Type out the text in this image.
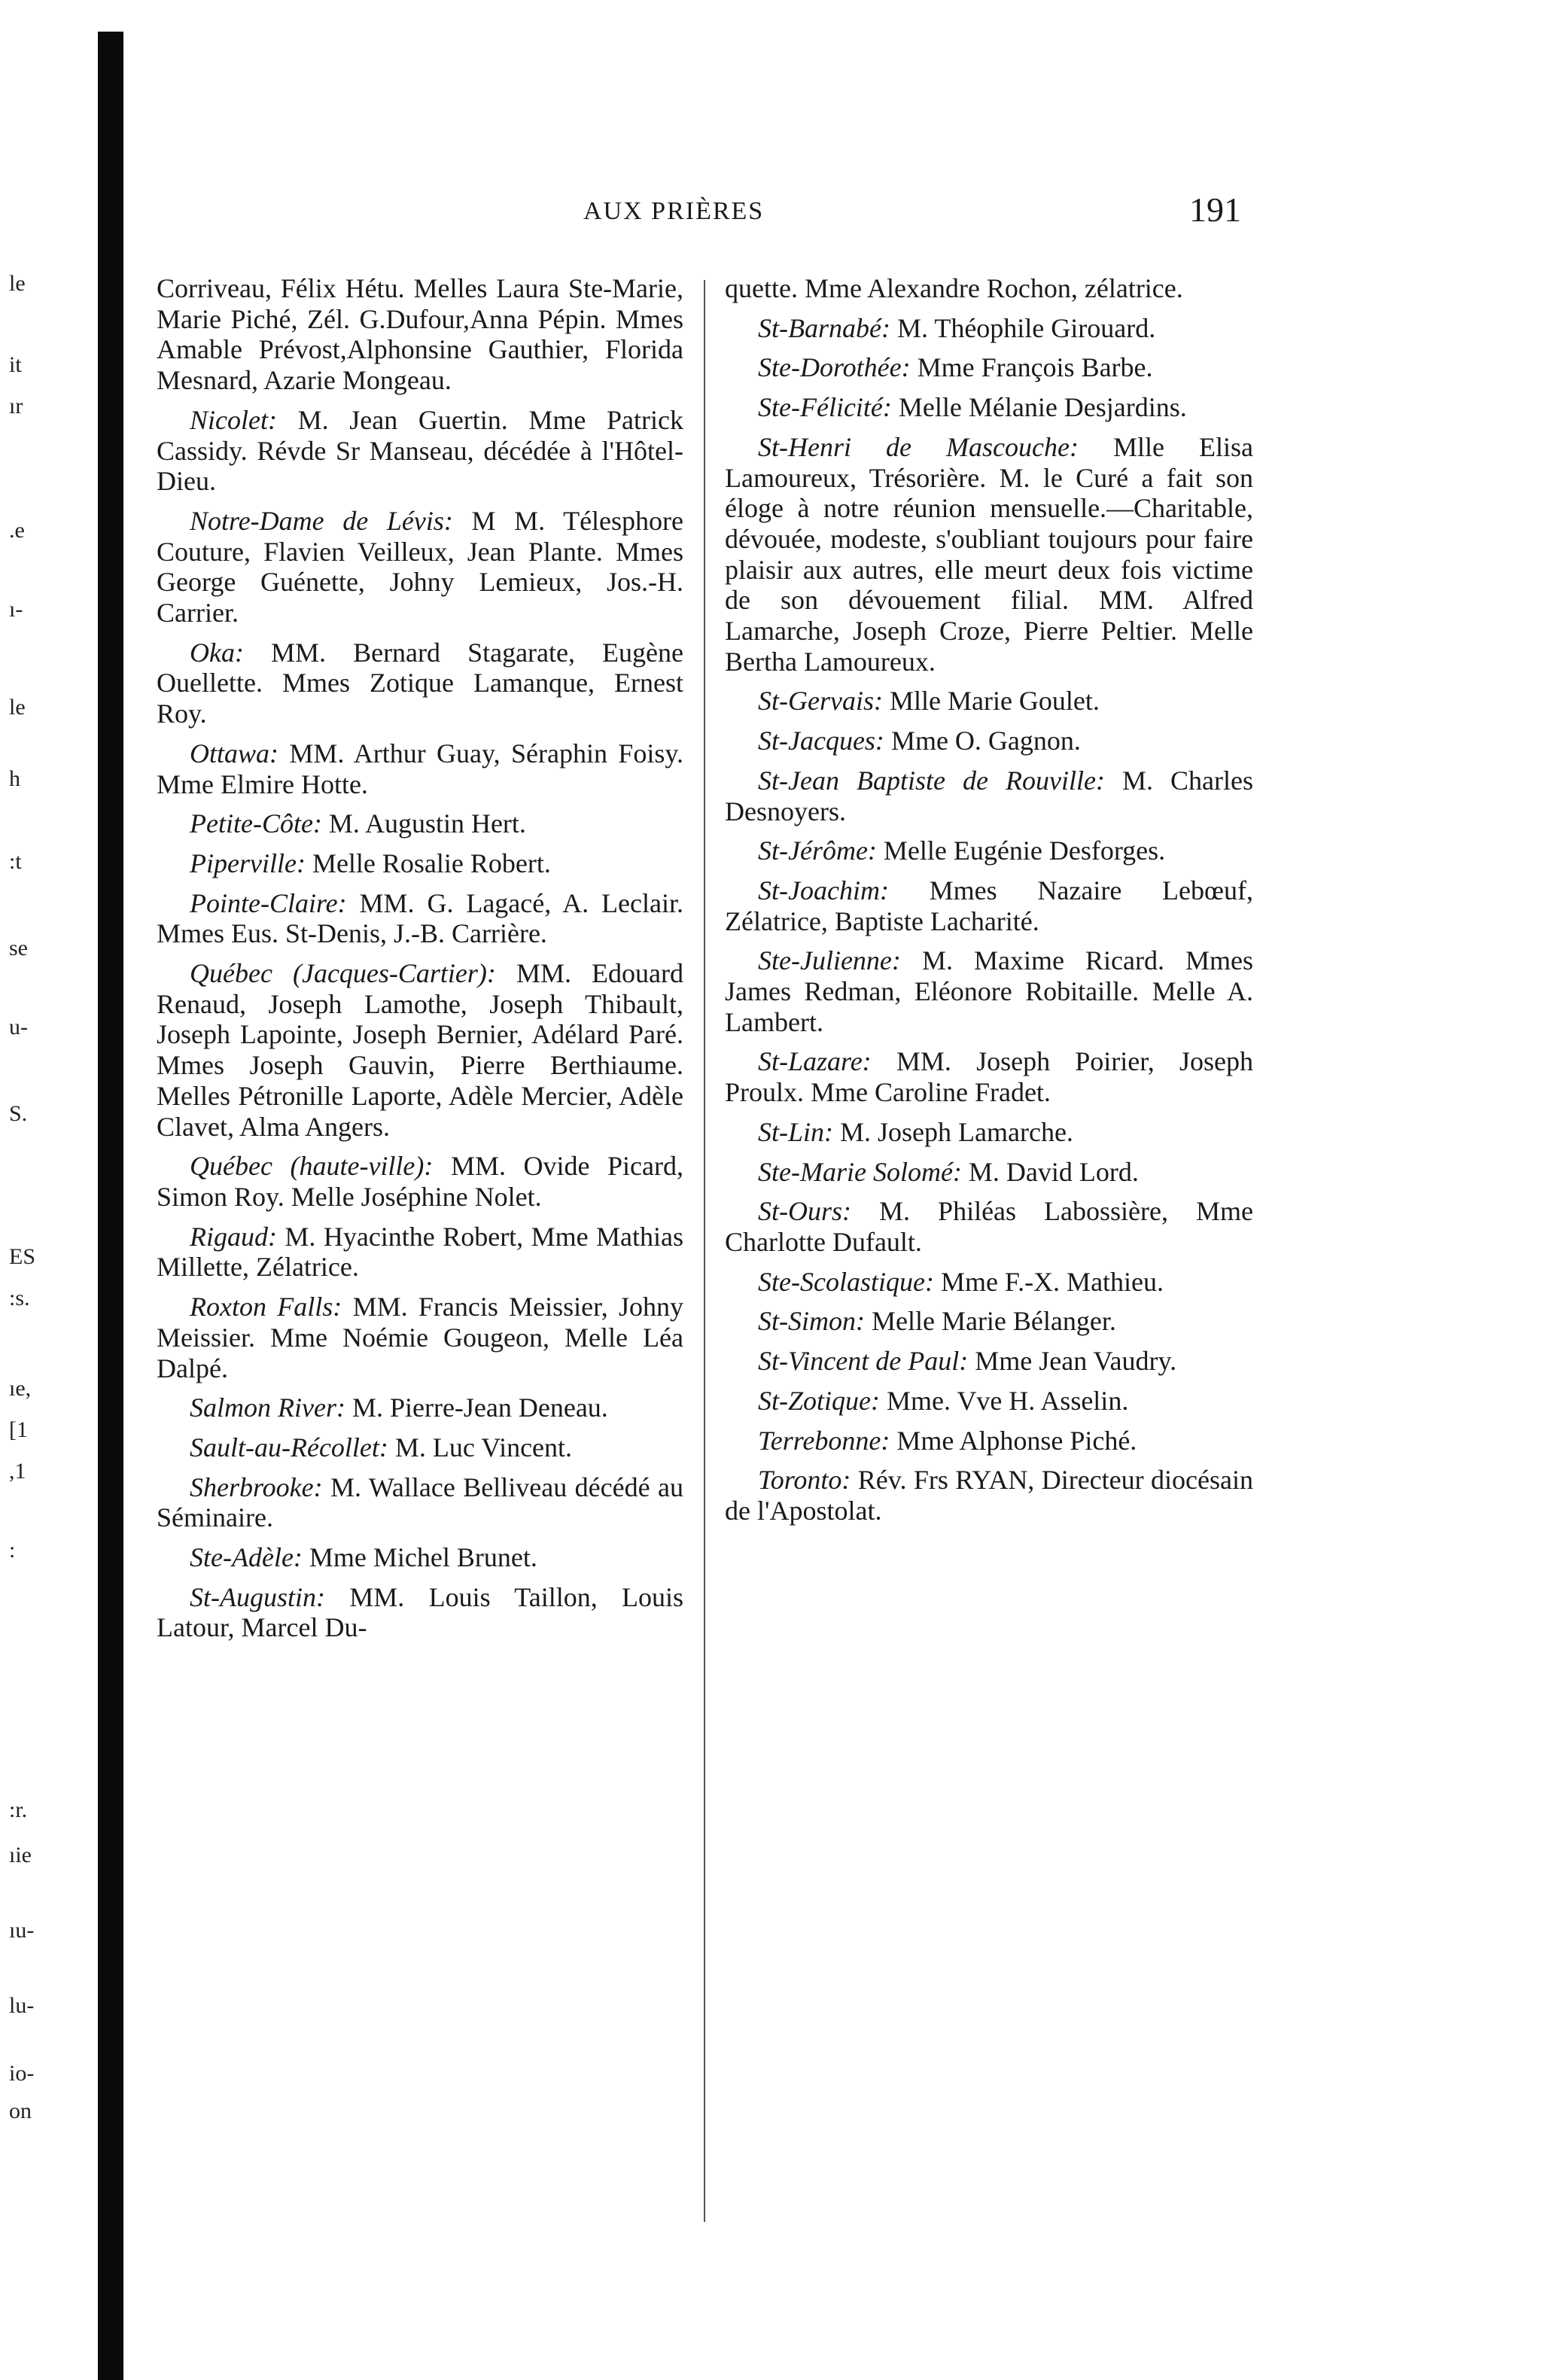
le
it
ır
.e
ı-
le
h
:t
se
u-
S.
ES
:s.
ıe,
[1
,1
:
:r.
ıie
ıu-
lu-
io-
on
AUX PRIÈRES	191

Corriveau, Félix Hétu. Melles Laura Ste-Marie, Marie Piché, Zél. G.Dufour,Anna Pépin. Mmes Amable Prévost,Alphonsine Gauthier, Florida Mesnard, Azarie Mongeau.

Nicolet: M. Jean Guertin. Mme Patrick Cassidy. Révde Sr Manseau, décédée à l'Hôtel-Dieu.

Notre-Dame de Lévis: M M. Télesphore Couture, Flavien Veilleux, Jean Plante. Mmes George Guénette, Johny Lemieux, Jos.-H. Carrier.

Oka: MM. Bernard Stagarate, Eugène Ouellette. Mmes Zotique Lamanque, Ernest Roy.

Ottawa: MM. Arthur Guay, Séraphin Foisy. Mme Elmire Hotte.

Petite-Côte: M. Augustin Hert.

Piperville: Melle Rosalie Robert.

Pointe-Claire: MM. G. Lagacé, A. Leclair. Mmes Eus. St-Denis, J.-B. Carrière.

Québec (Jacques-Cartier): MM. Edouard Renaud, Joseph Lamothe, Joseph Thibault, Joseph Lapointe, Joseph Bernier, Adélard Paré. Mmes Joseph Gauvin, Pierre Berthiaume. Melles Pétronille Laporte, Adèle Mercier, Adèle Clavet, Alma Angers.

Québec (haute-ville): MM. Ovide Picard, Simon Roy. Melle Joséphine Nolet.

Rigaud: M. Hyacinthe Robert, Mme Mathias Millette, Zélatrice.

Roxton Falls: MM. Francis Meissier, Johny Meissier. Mme Noémie Gougeon, Melle Léa Dalpé.

Salmon River: M. Pierre-Jean Deneau.

Sault-au-Récollet: M. Luc Vincent.

Sherbrooke: M. Wallace Belliveau décédé au Séminaire.

Ste-Adèle: Mme Michel Brunet.

St-Augustin: MM. Louis Taillon, Louis Latour, Marcel Du-

quette. Mme Alexandre Rochon, zélatrice.

St-Barnabé: M. Théophile Girouard.

Ste-Dorothée: Mme François Barbe.

Ste-Félicité: Melle Mélanie Desjardins.

St-Henri de Mascouche: Mlle Elisa Lamoureux, Trésorière. M. le Curé a fait son éloge à notre réunion mensuelle.—Charitable, dévouée, modeste, s'oubliant toujours pour faire plaisir aux autres, elle meurt deux fois victime de son dévouement filial. MM. Alfred Lamarche, Joseph Croze, Pierre Peltier. Melle Bertha Lamoureux.

St-Gervais: Mlle Marie Goulet.

St-Jacques: Mme O. Gagnon.

St-Jean Baptiste de Rouville: M. Charles Desnoyers.

St-Jérôme: Melle Eugénie Desforges.

St-Joachim: Mmes Nazaire Lebœuf, Zélatrice, Baptiste Lacharité.

Ste-Julienne: M. Maxime Ricard. Mmes James Redman, Eléonore Robitaille. Melle A. Lambert.

St-Lazare: MM. Joseph Poirier, Joseph Proulx. Mme Caroline Fradet.

St-Lin: M. Joseph Lamarche.

Ste-Marie Solomé: M. David Lord.

St-Ours: M. Philéas Labossière, Mme Charlotte Dufault.

Ste-Scolastique: Mme F.-X. Mathieu.

St-Simon: Melle Marie Bélanger.

St-Vincent de Paul: Mme Jean Vaudry.

St-Zotique: Mme. Vve H. Asselin.

Terrebonne: Mme Alphonse Piché.

Toronto: Rév. Frs RYAN, Directeur diocésain de l'Apostolat.
